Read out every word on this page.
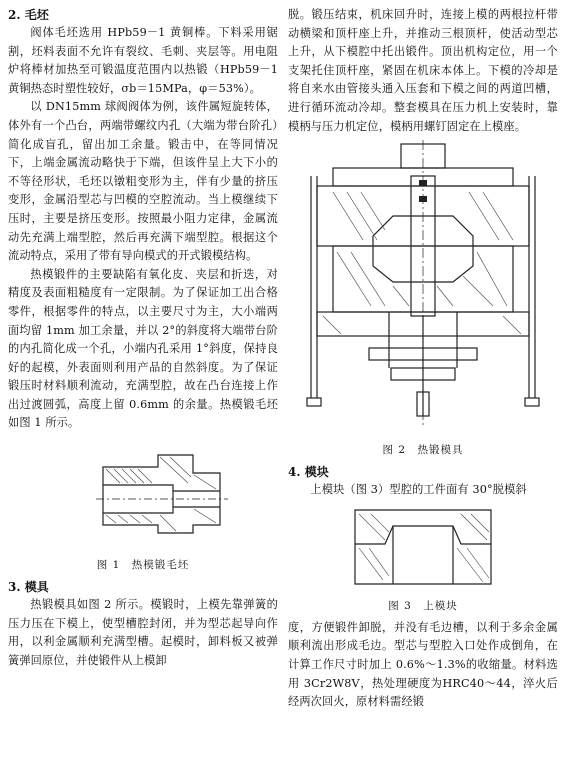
2. 毛坯

阀体毛坯选用 HPb59－1 黄铜棒。下料采用锯割，坯料表面不允许有裂纹、毛刺、夹层等。用电阻炉将棒材加热至可锻温度范围内以热锻（HPb59－1 黄铜热态时塑性较好，σb＝15MPa，φ＝53%）。

以 DN15mm 球阀阀体为例，该件属短旋转体，体外有一个凸台，两端带螺纹内孔（大端为带台阶孔）简化成盲孔，留出加工余量。锻击中，在等同情况下，上端金属流动略快于下端，但该件呈上大下小的不等径形状，毛坯以镦粗变形为主，伴有少量的挤压变形，金属沿型芯与凹模的空腔流动。当上模继续下压时，主要是挤压变形。按照最小阻力定律，金属流动先充满上端型腔，然后再充满下端型腔。根据这个流动特点，采用了带有导向模式的开式锻模结构。

热模锻件的主要缺陷有氧化皮、夹层和折迭，对精度及表面粗糙度有一定限制。为了保证加工出合格零件，根据零件的特点，以主要尺寸为主，大小端两面均留 1mm 加工余量，并以 2°的斜度将大端带台阶的内孔简化成一个孔，小端内孔采用 1°斜度，保持良好的起模，外表面则利用产品的自然斜度。为了保证锻压时材料顺利流动，充满型腔，故在凸台连接上作出过渡圆弧，高度上留 0.6mm 的余量。热模锻毛坯如图 1 所示。

图 1　热模锻毛坯

3. 模具

热锻模具如图 2 所示。模锻时，上模先靠弹簧的压力压在下模上，使型槽腔封闭，并为型芯起导向作用，以利金属顺利充满型槽。起模时，卸料板又被弹簧弹回原位，并使锻件从上模卸

脱。锻压结束，机床回升时，连接上模的两根拉杆带动横梁和顶杆座上升，并推动三根顶杆，使活动型芯上升，从下模腔中托出锻件。顶出机构定位，用一个支架托住顶杆座，紧固在机床本体上。下模的冷却是将自来水由管接头通入压套和下模之间的两道凹槽，进行循环流动冷却。整套模具在压力机上安装时，靠模柄与压力机定位，模柄用螺钉固定在上模座。

图 2　热锻模具

4. 模块

上模块（图 3）型腔的工件面有 30°脱模斜

图 3　上模块

度，方便锻件卸脱，并没有毛边槽，以利于多余金属顺利流出形成毛边。型芯与型腔入口处作成倒角，在计算工作尺寸时加上 0.6%～1.3%的收缩量。材料选用 3Cr2W8V，热处理硬度为HRC40～44，淬火后经两次回火，原材料需经锻
